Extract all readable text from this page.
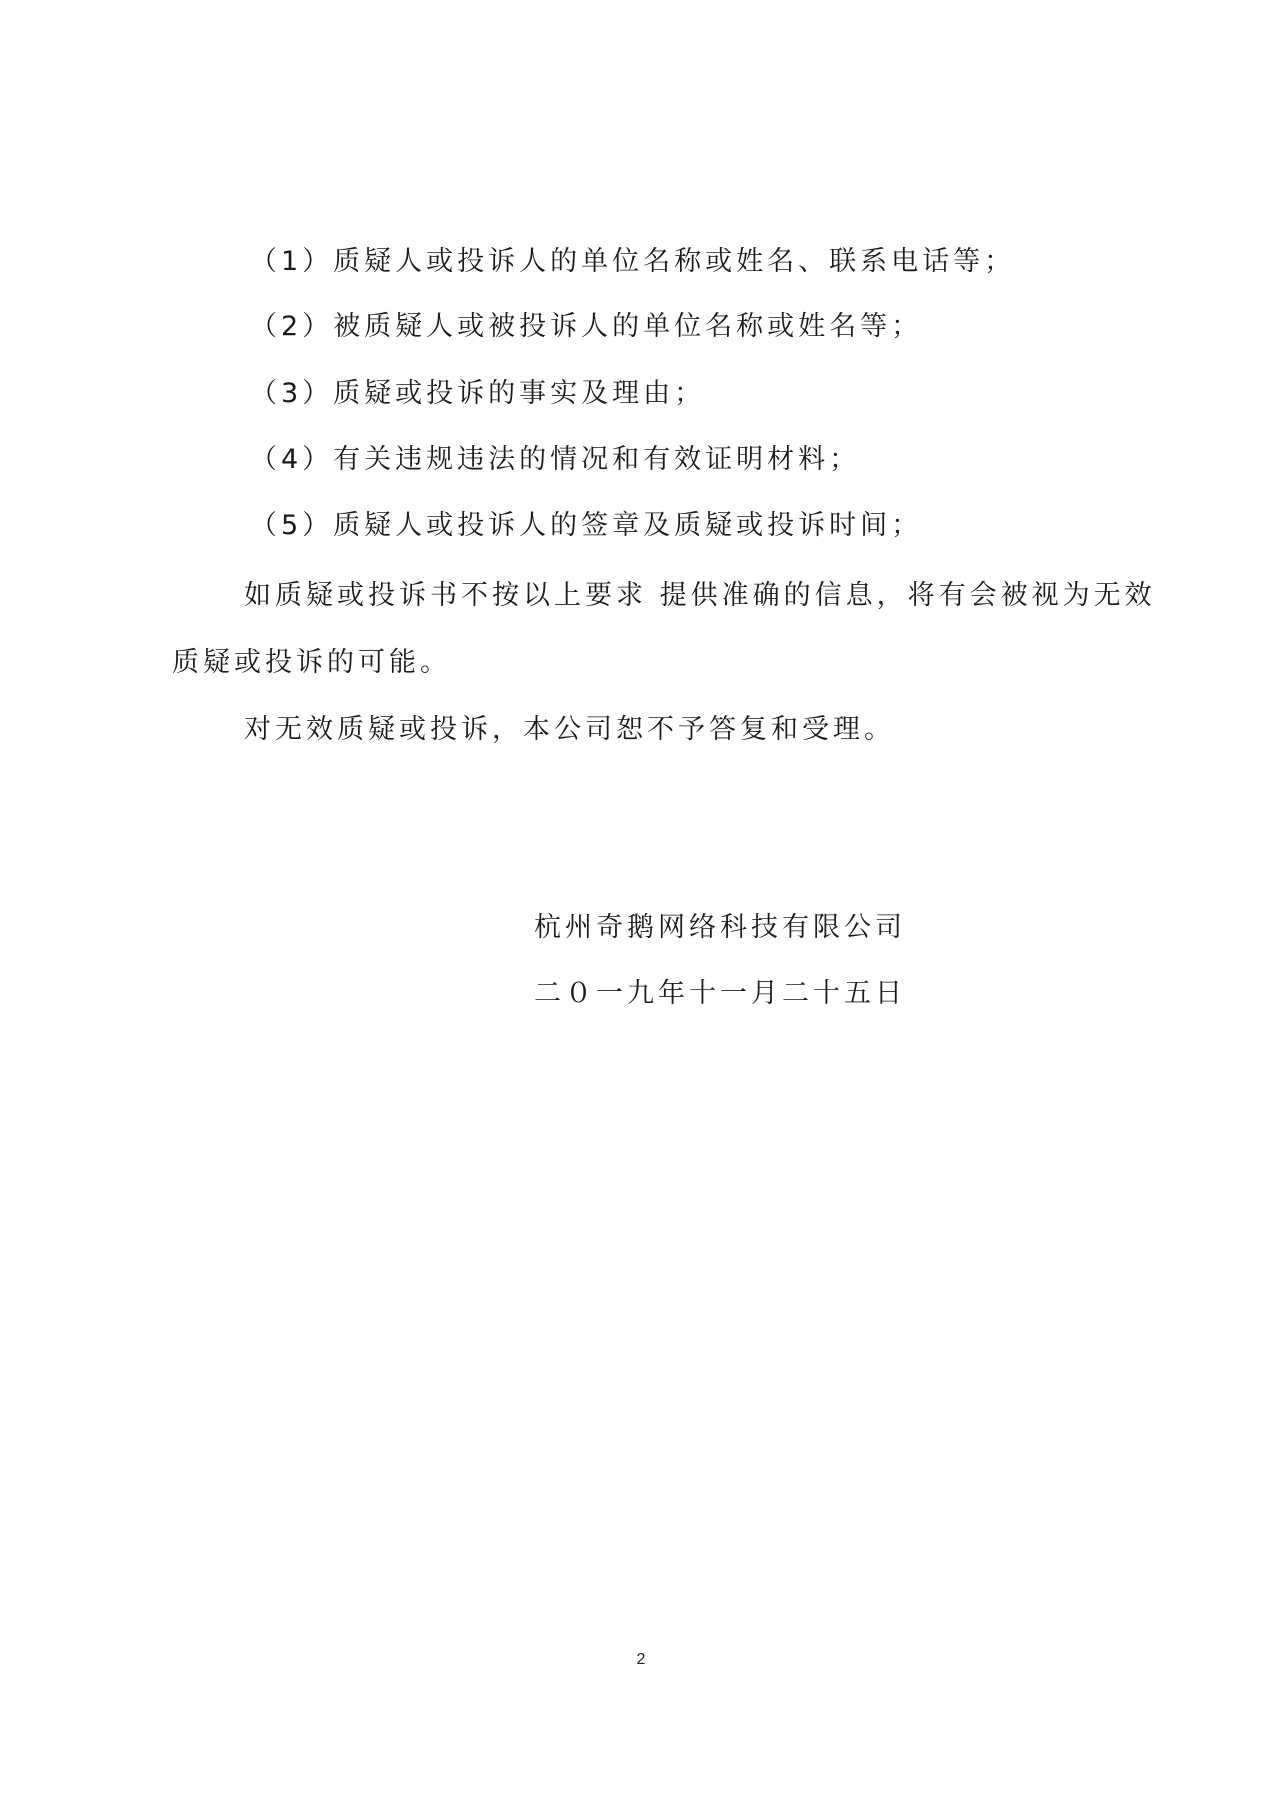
（1）质疑人或投诉人的单位名称或姓名、联系电话等；
（2）被质疑人或被投诉人的单位名称或姓名等；
（3）质疑或投诉的事实及理由；
（4）有关违规违法的情况和有效证明材料；
（5）质疑人或投诉人的签章及质疑或投诉时间；
如质疑或投诉书不按以上要求 提供准确的信息，将有会被视为无效
质疑或投诉的可能。
对无效质疑或投诉，本公司恕不予答复和受理。
杭州奇鹅网络科技有限公司
二０一九年十一月二十五日
2
